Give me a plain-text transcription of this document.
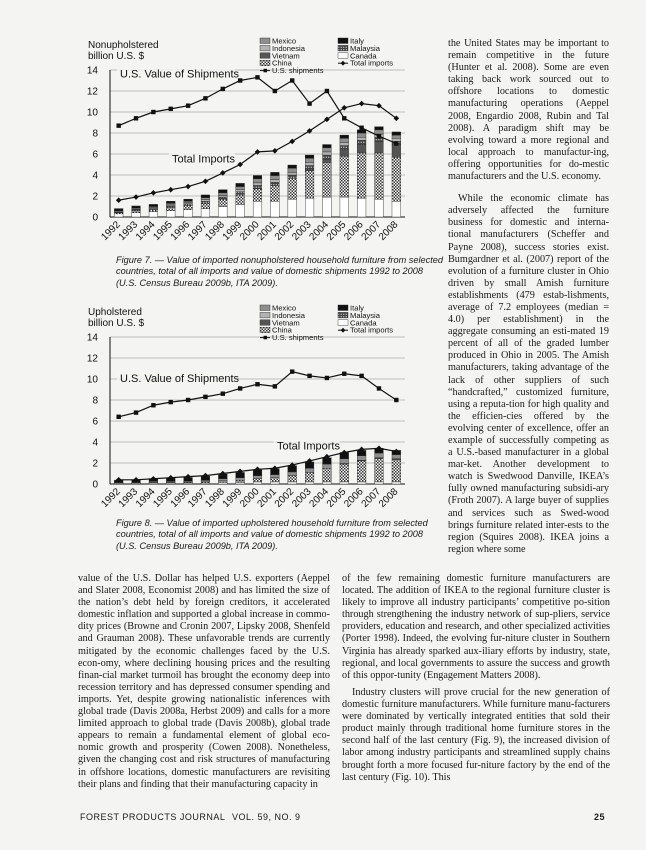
Nonupholstered
billion U.S. $
0
2
4
6
8
10
12
14
1992
1993
1994
1995
1996
1997
1998
1999
2000
2001
2002
2003
2004
2005
2006
2007
2008
U.S. Value of Shipments
Total Imports
Mexico
Indonesia
Vietnam
China
U.S. shipments
Italy
Malaysia
Canada
Total imports
Figure 7. — Value of imported nonupholstered household furniture from selected countries, total of all imports and value of domestic shipments 1992 to 2008 (U.S. Census Bureau 2009b, ITA 2009).
Upholstered
billion U.S. $
0
2
4
6
8
10
12
14
1992
1993
1994
1995
1996
1997
1998
1999
2000
2001
2002
2003
2004
2005
2006
2007
2008
U.S. Value of Shipments
Total Imports
Mexico
Indonesia
Vietnam
China
U.S. shipments
Italy
Malaysia
Canada
Total imports
Figure 8. — Value of imported upholstered household furniture from selected countries, total of all imports and value of domestic shipments 1992 to 2008 (U.S. Census Bureau 2009b, ITA 2009).

the United States may be important to remain competitive in the future (Hunter et al. 2008). Some are even taking back work sourced out to offshore locations to domestic manufacturing operations (Aeppel 2008, Engardio 2008, Rubin and Tal 2008). A paradigm shift may be evolving toward a more regional and local approach to manufactur-ing, offering opportunities for do-mestic manufacturers and the U.S. economy.

While the economic climate has adversely affected the furniture business for domestic and interna-tional manufacturers (Scheffer and Payne 2008), success stories exist. Bumgardner et al. (2007) report of the evolution of a furniture cluster in Ohio driven by small Amish furniture establishments (479 estab-lishments, average of 7.2 employees (median = 4.0) per establishment) in the aggregate consuming an esti-mated 19 percent of all of the graded lumber produced in Ohio in 2005. The Amish manufacturers, taking advantage of the lack of other suppliers of such “handcrafted,” customized furniture, using a reputa-tion for high quality and the efficien-cies offered by the evolving center of excellence, offer an example of successfully competing as a U.S.-based manufacturer in a global mar-ket. Another development to watch is Swedwood Danville, IKEA’s fully owned manufacturing subsidi-ary (Froth 2007). A large buyer of supplies and services such as Swed-wood brings furniture related inter-ests to the region (Squires 2008). IKEA joins a region where some

value of the U.S. Dollar has helped U.S. exporters (Aeppel and Slater 2008, Economist 2008) and has limited the size of the nation’s debt held by foreign creditors, it accelerated domestic inflation and supported a global increase in commo-dity prices (Browne and Cronin 2007, Lipsky 2008, Shenfeld and Grauman 2008). These unfavorable trends are currently mitigated by the economic challenges faced by the U.S. econ-omy, where declining housing prices and the resulting finan-cial market turmoil has brought the economy deep into recession territory and has depressed consumer spending and imports. Yet, despite growing nationalistic inferences with global trade (Davis 2008a, Herbst 2009) and calls for a more limited approach to global trade (Davis 2008b), global trade appears to remain a fundamental element of global eco-nomic growth and prosperity (Cowen 2008). Nonetheless, given the changing cost and risk structures of manufacturing in offshore locations, domestic manufacturers are revisiting their plans and finding that their manufacturing capacity in
of the few remaining domestic furniture manufacturers are located. The addition of IKEA to the regional furniture cluster is likely to improve all industry participants’ competitive po-sition through strengthening the industry network of sup-pliers, service providers, education and research, and other specialized activities (Porter 1998). Indeed, the evolving fur-niture cluster in Southern Virginia has already sparked aux-iliary efforts by industry, state, regional, and local governments to assure the success and growth of this oppor-tunity (Engagement Matters 2008).
Industry clusters will prove crucial for the new generation of domestic furniture manufacturers. While furniture manu-facturers were dominated by vertically integrated entities that sold their product mainly through traditional home furniture stores in the second half of the last century (Fig. 9), the increased division of labor among industry participants and streamlined supply chains brought forth a more focused fur-niture factory by the end of the last century (Fig. 10). This
FOREST PRODUCTS JOURNAL VOL. 59, NO. 9	25
